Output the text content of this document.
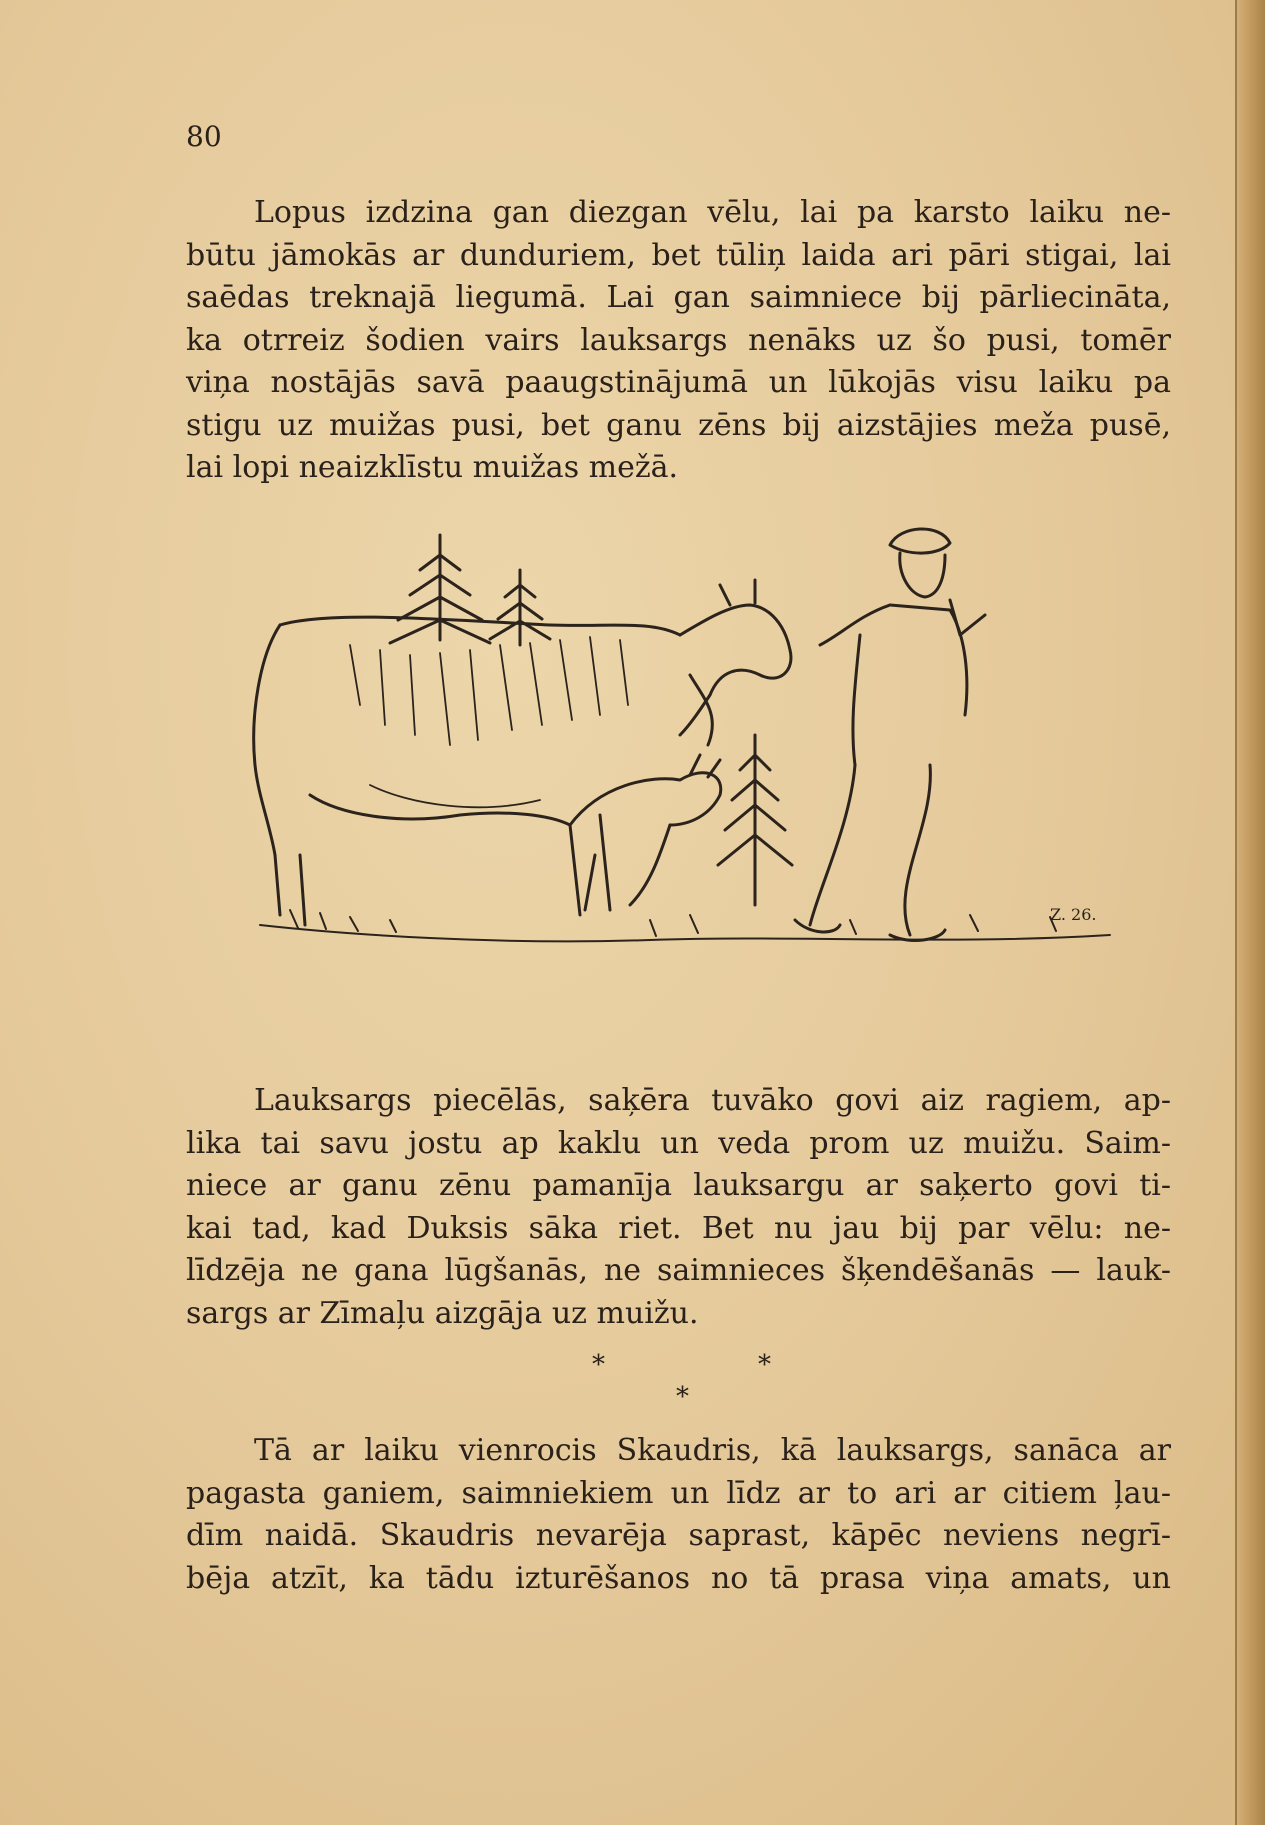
80
Lopus izdzina gan diezgan vēlu, lai pa karsto laiku ne-
būtu jāmokās ar dunduriem, bet tūliņ laida ari pāri stigai, lai
saēdas treknajā liegumā. Lai gan saimniece bij pārliecināta,
ka otrreiz šodien vairs lauksargs nenāks uz šo pusi, tomēr
viņa nostājās savā paaugstinājumā un lūkojās visu laiku pa
stigu uz muižas pusi, bet ganu zēns bij aizstājies meža pusē,
lai lopi neaizklīstu muižas mežā.
Z. 26.
Lauksargs piecēlās, saķēra tuvāko govi aiz ragiem, ap-
lika tai savu jostu ap kaklu un veda prom uz muižu. Saim-
niece ar ganu zēnu pamanīja lauksargu ar saķerto govi ti-
kai tad, kad Duksis sāka riet. Bet nu jau bij par vēlu: ne-
līdzēja ne gana lūgšanās, ne saimnieces šķendēšanās — lauk-
sargs ar Zīmaļu aizgāja uz muižu.
*	*
*
Tā ar laiku vienrocis Skaudris, kā lauksargs, sanāca ar
pagasta ganiem, saimniekiem un līdz ar to ari ar citiem ļau-
dīm naidā. Skaudris nevarēja saprast, kāpēc neviens negrī-
bēja atzīt, ka tādu izturēšanos no tā prasa viņa amats, un
